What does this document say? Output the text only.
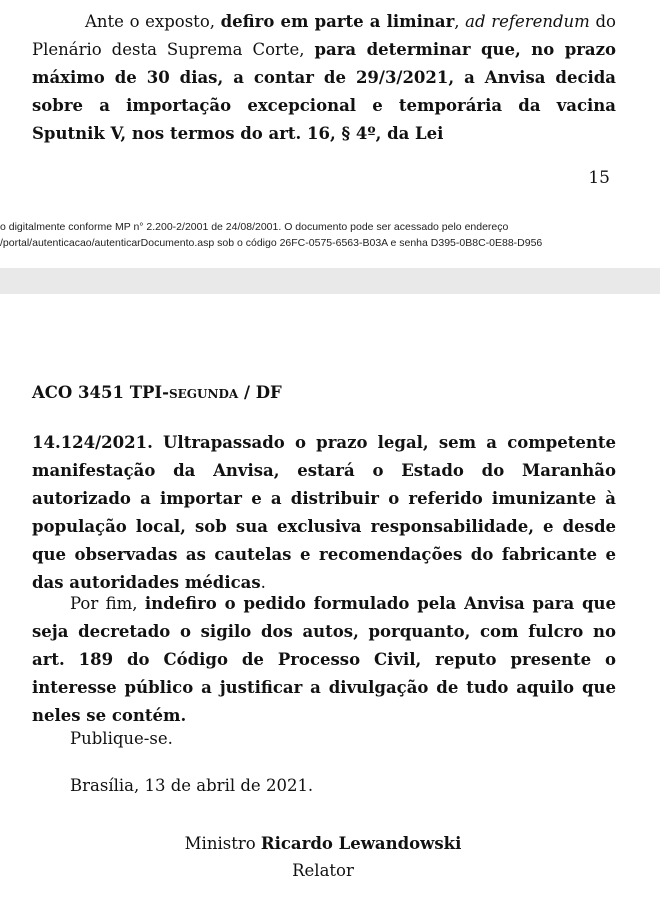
Ante o exposto, defiro em parte a liminar, ad referendum do Plenário desta Suprema Corte, para determinar que, no prazo máximo de 30 dias, a contar de 29/3/2021, a Anvisa decida sobre a importação excepcional e temporária da vacina Sputnik V, nos termos do art. 16, § 4º, da Lei

15
o digitalmente conforme MP n° 2.200-2/2001 de 24/08/2001. O documento pode ser acessado pelo endereço
/portal/autenticacao/autenticarDocumento.asp sob o código 26FC-0575-6563-B03A e senha D395-0B8C-0E88-D956

ACO 3451 TPI-segunda / DF

14.124/2021. Ultrapassado o prazo legal, sem a competente manifestação da Anvisa, estará o Estado do Maranhão autorizado a importar e a distribuir o referido imunizante à população local, sob sua exclusiva responsabilidade, e desde que observadas as cautelas e recomendações do fabricante e das autoridades médicas.

Por fim, indefiro o pedido formulado pela Anvisa para que seja decretado o sigilo dos autos, porquanto, com fulcro no art. 189 do Código de Processo Civil, reputo presente o interesse público a justificar a divulgação de tudo aquilo que neles se contém.

Publique-se.

Brasília, 13 de abril de 2021.

Ministro Ricardo Lewandowski
Relator
